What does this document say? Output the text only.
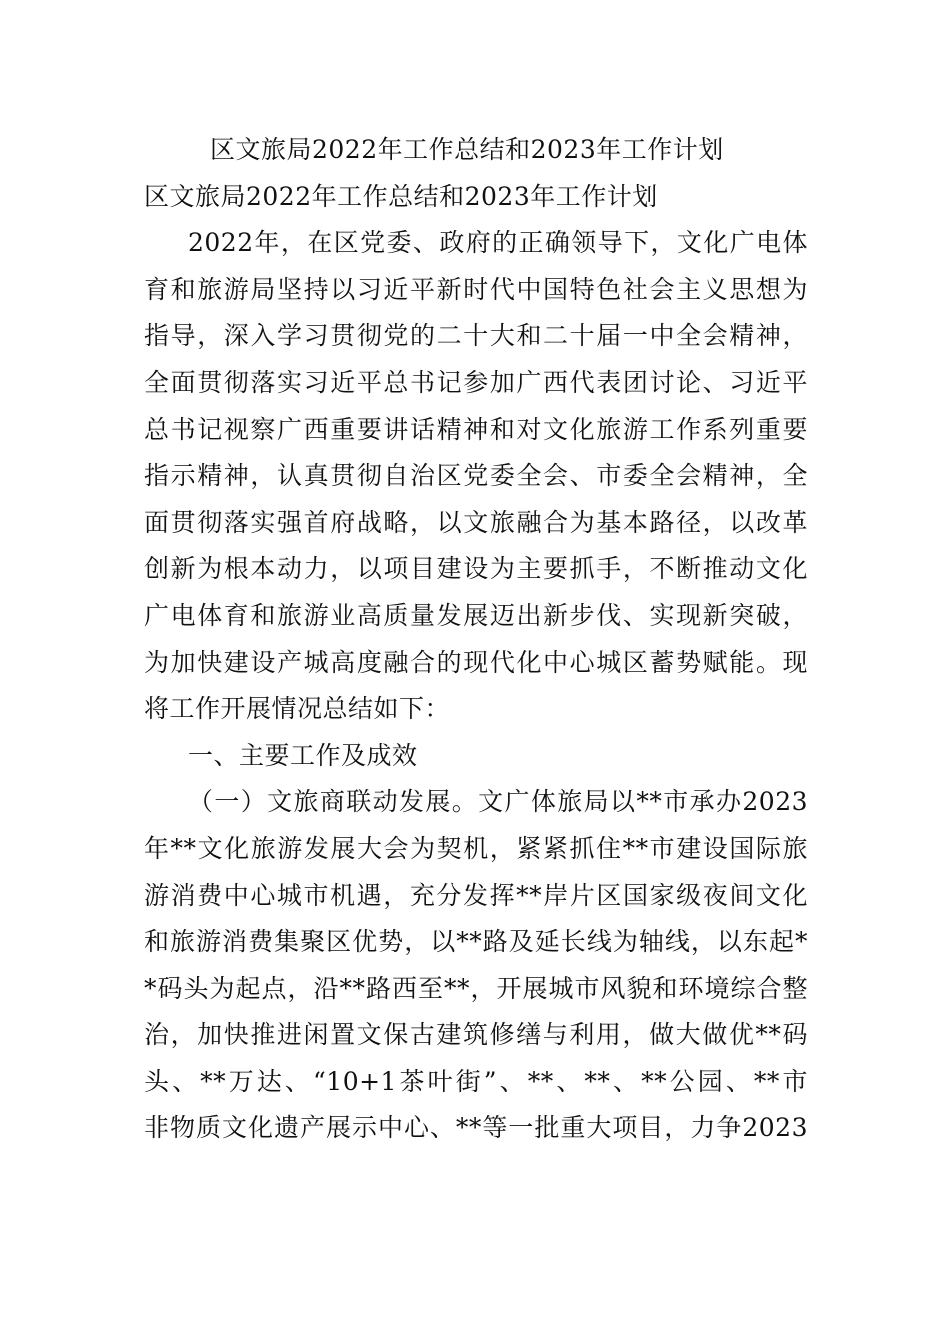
区文旅局2022年工作总结和2023年工作计划
区文旅局2022年工作总结和2023年工作计划
2022年，在区党委、政府的正确领导下，文化广电体
育和旅游局坚持以习近平新时代中国特色社会主义思想为
指导，深入学习贯彻党的二十大和二十届一中全会精神，
全面贯彻落实习近平总书记参加广西代表团讨论、习近平
总书记视察广西重要讲话精神和对文化旅游工作系列重要
指示精神，认真贯彻自治区党委全会、市委全会精神，全
面贯彻落实强首府战略，以文旅融合为基本路径，以改革
创新为根本动力，以项目建设为主要抓手，不断推动文化
广电体育和旅游业高质量发展迈出新步伐、实现新突破，
为加快建设产城高度融合的现代化中心城区蓄势赋能。现
将工作开展情况总结如下：
一、主要工作及成效
（一）文旅商联动发展。文广体旅局以**市承办2023
年**文化旅游发展大会为契机，紧紧抓住**市建设国际旅
游消费中心城市机遇，充分发挥**岸片区国家级夜间文化
和旅游消费集聚区优势，以**路及延长线为轴线，以东起*
*码头为起点，沿**路西至**，开展城市风貌和环境综合整
治，加快推进闲置文保古建筑修缮与利用，做大做优**码
头、**万达、“10+1茶叶街”、**、**、**公园、**市
非物质文化遗产展示中心、**等一批重大项目，力争2023
